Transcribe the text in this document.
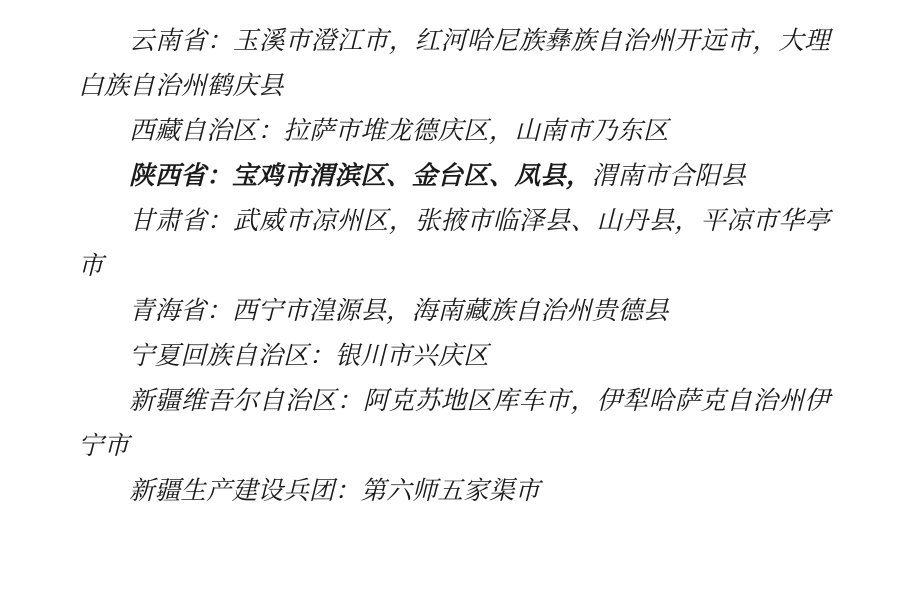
云南省：玉溪市澄江市，红河哈尼族彝族自治州开远市，大理白族自治州鹤庆县

西藏自治区：拉萨市堆龙德庆区，山南市乃东区

陕西省：宝鸡市渭滨区、金台区、凤县，渭南市合阳县

甘肃省：武威市凉州区，张掖市临泽县、山丹县，平凉市华亭市

青海省：西宁市湟源县，海南藏族自治州贵德县

宁夏回族自治区：银川市兴庆区

新疆维吾尔自治区：阿克苏地区库车市，伊犁哈萨克自治州伊宁市

新疆生产建设兵团：第六师五家渠市
